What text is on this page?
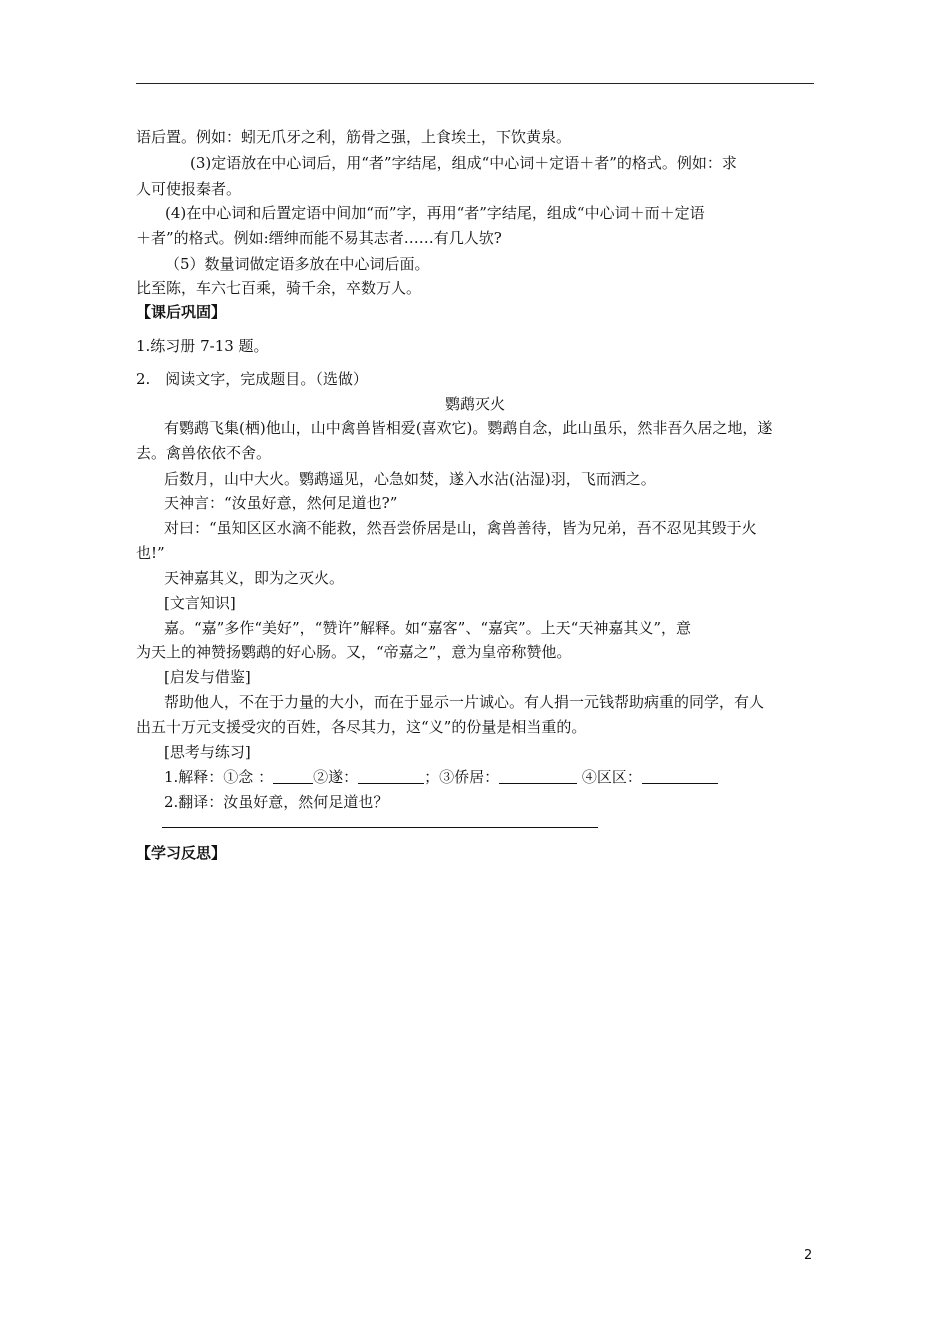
语后置。例如：蚓无爪牙之利，筋骨之强，上食埃土，下饮黄泉。
(3)定语放在中心词后，用“者”字结尾，组成“中心词＋定语＋者”的格式。例如：求
人可使报秦者。
(4)在中心词和后置定语中间加“而”字，再用“者”字结尾，组成“中心词＋而＋定语
＋者”的格式。例如:缙绅而能不易其志者……有几人欤?
（5）数量词做定语多放在中心词后面。
比至陈，车六七百乘，骑千余，卒数万人。
【课后巩固】
1.练习册 7-13 题。
2.　阅读文字，完成题目。（选做）
鹦鹉灭火
有鹦鹉飞集(栖)他山，山中禽兽皆相爱(喜欢它)。鹦鹉自念，此山虽乐，然非吾久居之地，遂
去。禽兽依依不舍。
后数月，山中大火。鹦鹉遥见，心急如焚，遂入水沾(沾湿)羽，飞而洒之。
天神言：“汝虽好意，然何足道也?”
对曰：“虽知区区水滴不能救，然吾尝侨居是山，禽兽善待，皆为兄弟，吾不忍见其毁于火
也!”
天神嘉其义，即为之灭火。
[文言知识]
嘉。“嘉”多作“美好”，“赞许”解释。如“嘉客”、“嘉宾”。上天“天神嘉其义”，意
为天上的神赞扬鹦鹉的好心肠。又，“帝嘉之”，意为皇帝称赞他。
[启发与借鉴]
帮助他人，不在于力量的大小，而在于显示一片诚心。有人捐一元钱帮助病重的同学，有人
出五十万元支援受灾的百姓，各尽其力，这“义”的份量是相当重的。
[思考与练习]
1.解释：①念 ：	②遂：	；③侨居：	④区区：
2.翻译：汝虽好意，然何足道也？
【学习反思】
2
